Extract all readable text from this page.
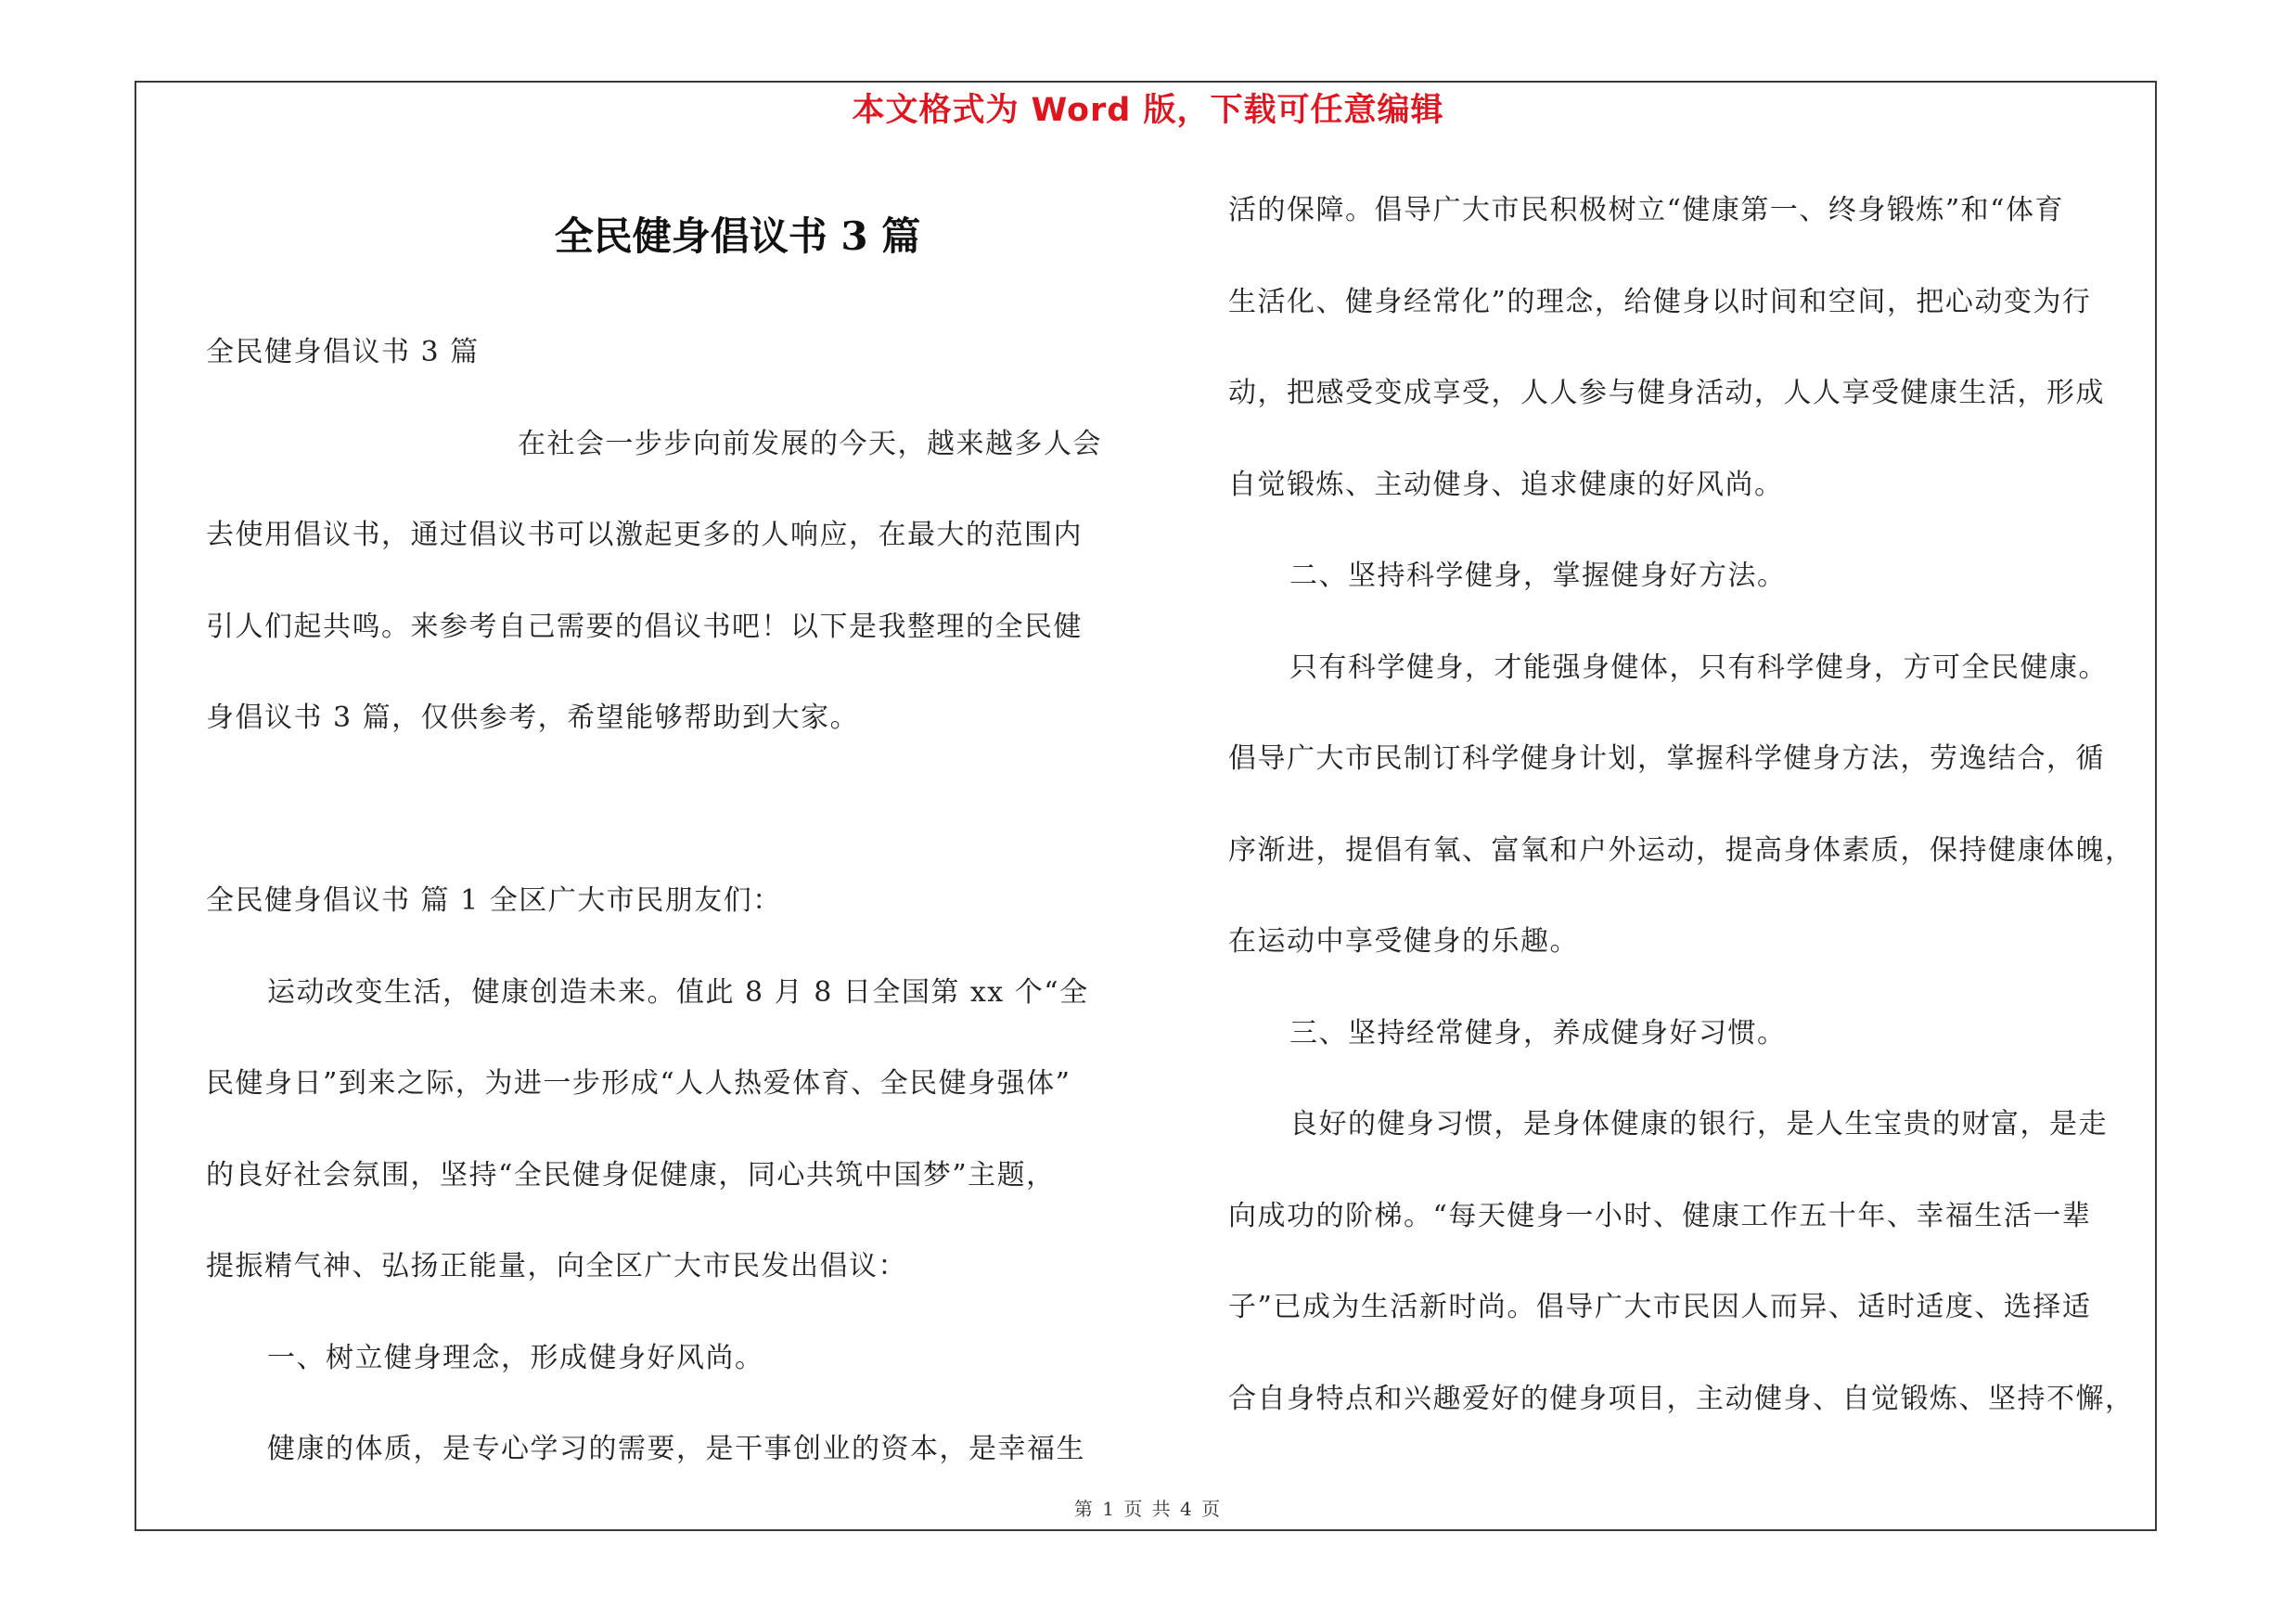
本文格式为 Word 版，下载可任意编辑
全民健身倡议书 3 篇
全民健身倡议书 3 篇
在社会一步步向前发展的今天，越来越多人会
去使用倡议书，通过倡议书可以激起更多的人响应，在最大的范围内
引人们起共鸣。来参考自己需要的倡议书吧！以下是我整理的全民健
身倡议书 3 篇，仅供参考，希望能够帮助到大家。
全民健身倡议书 篇 1 全区广大市民朋友们：
运动改变生活，健康创造未来。值此 8 月 8 日全国第 xx 个“全
民健身日”到来之际，为进一步形成“人人热爱体育、全民健身强体”
的良好社会氛围，坚持“全民健身促健康，同心共筑中国梦”主题，
提振精气神、弘扬正能量，向全区广大市民发出倡议：
一、树立健身理念，形成健身好风尚。
健康的体质，是专心学习的需要，是干事创业的资本，是幸福生
活的保障。倡导广大市民积极树立“健康第一、终身锻炼”和“体育
生活化、健身经常化”的理念，给健身以时间和空间，把心动变为行
动，把感受变成享受，人人参与健身活动，人人享受健康生活，形成
自觉锻炼、主动健身、追求健康的好风尚。
二、坚持科学健身，掌握健身好方法。
只有科学健身，才能强身健体，只有科学健身，方可全民健康。
倡导广大市民制订科学健身计划，掌握科学健身方法，劳逸结合，循
序渐进，提倡有氧、富氧和户外运动，提高身体素质，保持健康体魄，
在运动中享受健身的乐趣。
三、坚持经常健身，养成健身好习惯。
良好的健身习惯，是身体健康的银行，是人生宝贵的财富，是走
向成功的阶梯。“每天健身一小时、健康工作五十年、幸福生活一辈
子”已成为生活新时尚。倡导广大市民因人而异、适时适度、选择适
合自身特点和兴趣爱好的健身项目，主动健身、自觉锻炼、坚持不懈，
第 1 页 共 4 页
